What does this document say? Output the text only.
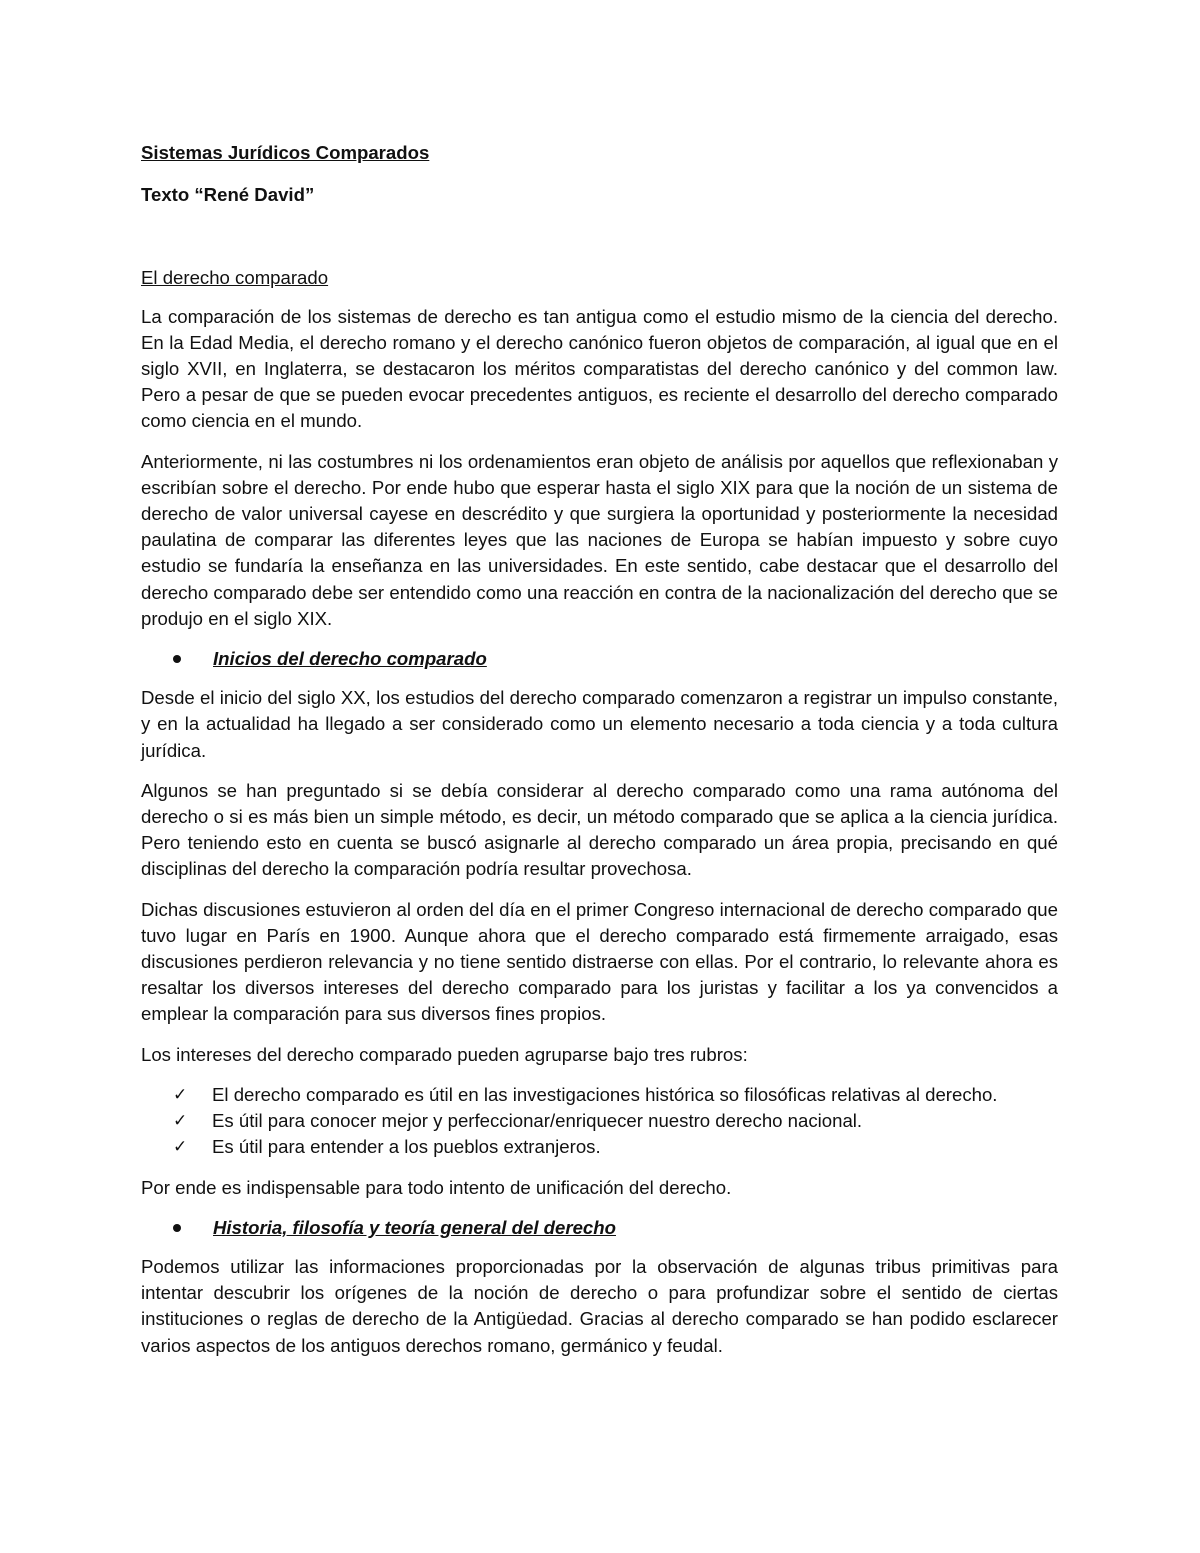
Sistemas Jurídicos Comparados
Texto “René David”
El derecho comparado

La comparación de los sistemas de derecho es tan antigua como el estudio mismo de la ciencia del derecho. En la Edad Media, el derecho romano y el derecho canónico fueron objetos de comparación, al igual que en el siglo XVII, en Inglaterra, se destacaron los méritos comparatistas del derecho canónico y del common law. Pero a pesar de que se pueden evocar precedentes antiguos, es reciente el desarrollo del derecho comparado como ciencia en el mundo.

Anteriormente, ni las costumbres ni los ordenamientos eran objeto de análisis por aquellos que reflexionaban y escribían sobre el derecho. Por ende hubo que esperar hasta el siglo XIX para que la noción de un sistema de derecho de valor universal cayese en descrédito y que surgiera la oportunidad y posteriormente la necesidad paulatina de comparar las diferentes leyes que las naciones de Europa se habían impuesto y sobre cuyo estudio se fundaría la enseñanza en las universidades. En este sentido, cabe destacar que el desarrollo del derecho comparado debe ser entendido como una reacción en contra de la nacionalización del derecho que se produjo en el siglo XIX.

Inicios del derecho comparado

Desde el inicio del siglo XX, los estudios del derecho comparado comenzaron a registrar un impulso constante, y en la actualidad ha llegado a ser considerado como un elemento necesario a toda ciencia y a toda cultura jurídica.

Algunos se han preguntado si se debía considerar al derecho comparado como una rama autónoma del derecho o si es más bien un simple método, es decir, un método comparado que se aplica a la ciencia jurídica. Pero teniendo esto en cuenta se buscó asignarle al derecho comparado un área propia, precisando en qué disciplinas del derecho la comparación podría resultar provechosa.

Dichas discusiones estuvieron al orden del día en el primer Congreso internacional de derecho comparado que tuvo lugar en París en 1900. Aunque ahora que el derecho comparado está firmemente arraigado, esas discusiones perdieron relevancia y no tiene sentido distraerse con ellas. Por el contrario, lo relevante ahora es resaltar los diversos intereses del derecho comparado para los juristas y facilitar a los ya convencidos a emplear la comparación para sus diversos fines propios.

Los intereses del derecho comparado pueden agruparse bajo tres rubros:

✓ El derecho comparado es útil en las investigaciones histórica so filosóficas relativas al derecho.
✓ Es útil para conocer mejor y perfeccionar/enriquecer nuestro derecho nacional.
✓ Es útil para entender a los pueblos extranjeros.

Por ende es indispensable para todo intento de unificación del derecho.

Historia, filosofía y teoría general del derecho

Podemos utilizar las informaciones proporcionadas por la observación de algunas tribus primitivas para intentar descubrir los orígenes de la noción de derecho o para profundizar sobre el sentido de ciertas instituciones o reglas de derecho de la Antigüedad. Gracias al derecho comparado se han podido esclarecer varios aspectos de los antiguos derechos romano, germánico y feudal.
